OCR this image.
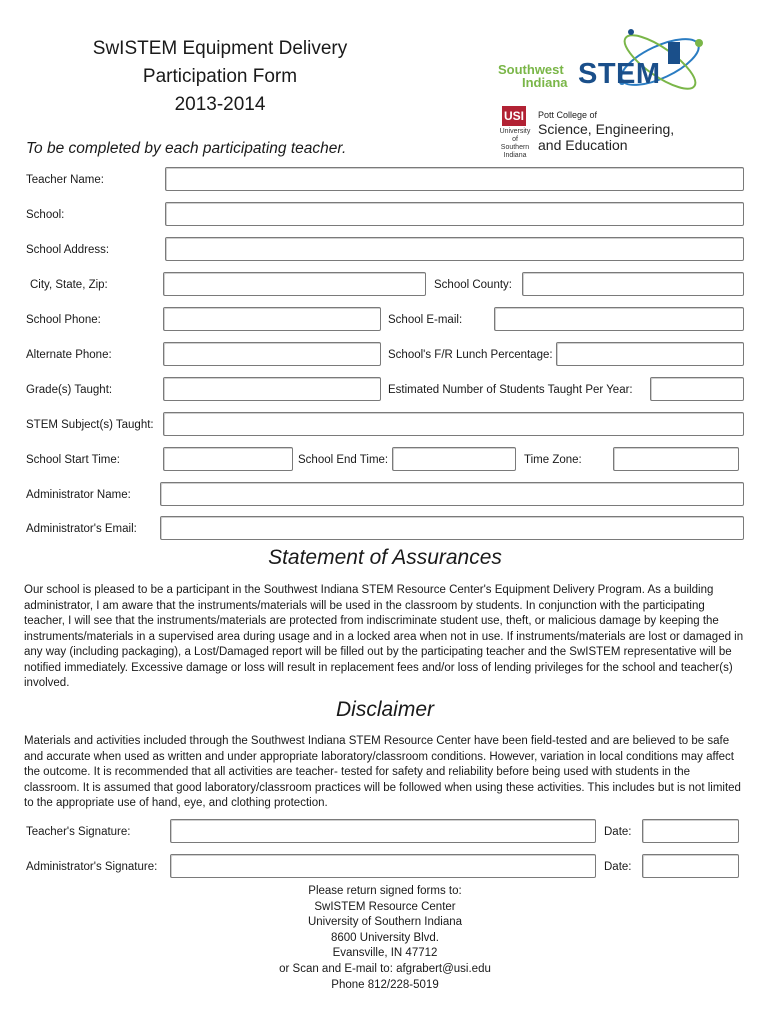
SwISTEM Equipment Delivery
Participation Form
2013-2014
Southwest
Indiana STEM
USI
University of Southern Indiana
Pott College of
Science, Engineering,
and Education
To be completed by each participating teacher.
Teacher Name:
School:
School Address:
City, State, Zip:	School County:
School Phone:	School E-mail:
Alternate Phone:	School's F/R Lunch Percentage:
Grade(s) Taught:	Estimated Number of Students Taught Per Year:
STEM Subject(s) Taught:
School Start Time:	School End Time:	Time Zone:
Administrator Name:
Administrator's Email:
Statement of Assurances
Our school is pleased to be a participant in the Southwest Indiana STEM Resource Center's Equipment Delivery Program. As a building administrator, I am aware that the instruments/materials will be used in the classroom by students. In conjunction with the participating teacher, I will see that the instruments/materials are protected from indiscriminate student use, theft, or malicious damage by keeping the instruments/materials in a supervised area during usage and in a locked area when not in use. If instruments/materials are lost or damaged in any way (including packaging), a Lost/Damaged report will be filled out by the participating teacher and the SwISTEM representative will be notified immediately. Excessive damage or loss will result in replacement fees and/or loss of lending privileges for the school and teacher(s) involved.
Disclaimer
Materials and activities included through the Southwest Indiana STEM Resource Center have been field-tested and are believed to be safe and accurate when used as written and under appropriate laboratory/classroom conditions. However, variation in local conditions may affect the outcome. It is recommended that all activities are teacher- tested for safety and reliability before being used with students in the classroom. It is assumed that good laboratory/classroom practices will be followed when using these activities. This includes but is not limited to the appropriate use of hand, eye, and clothing protection.
Teacher's Signature:	Date:
Administrator's Signature:	Date:
Please return signed forms to:
SwISTEM Resource Center
University of Southern Indiana
8600 University Blvd.
Evansville, IN 47712
or Scan and E-mail to: afgrabert@usi.edu
Phone 812/228-5019
